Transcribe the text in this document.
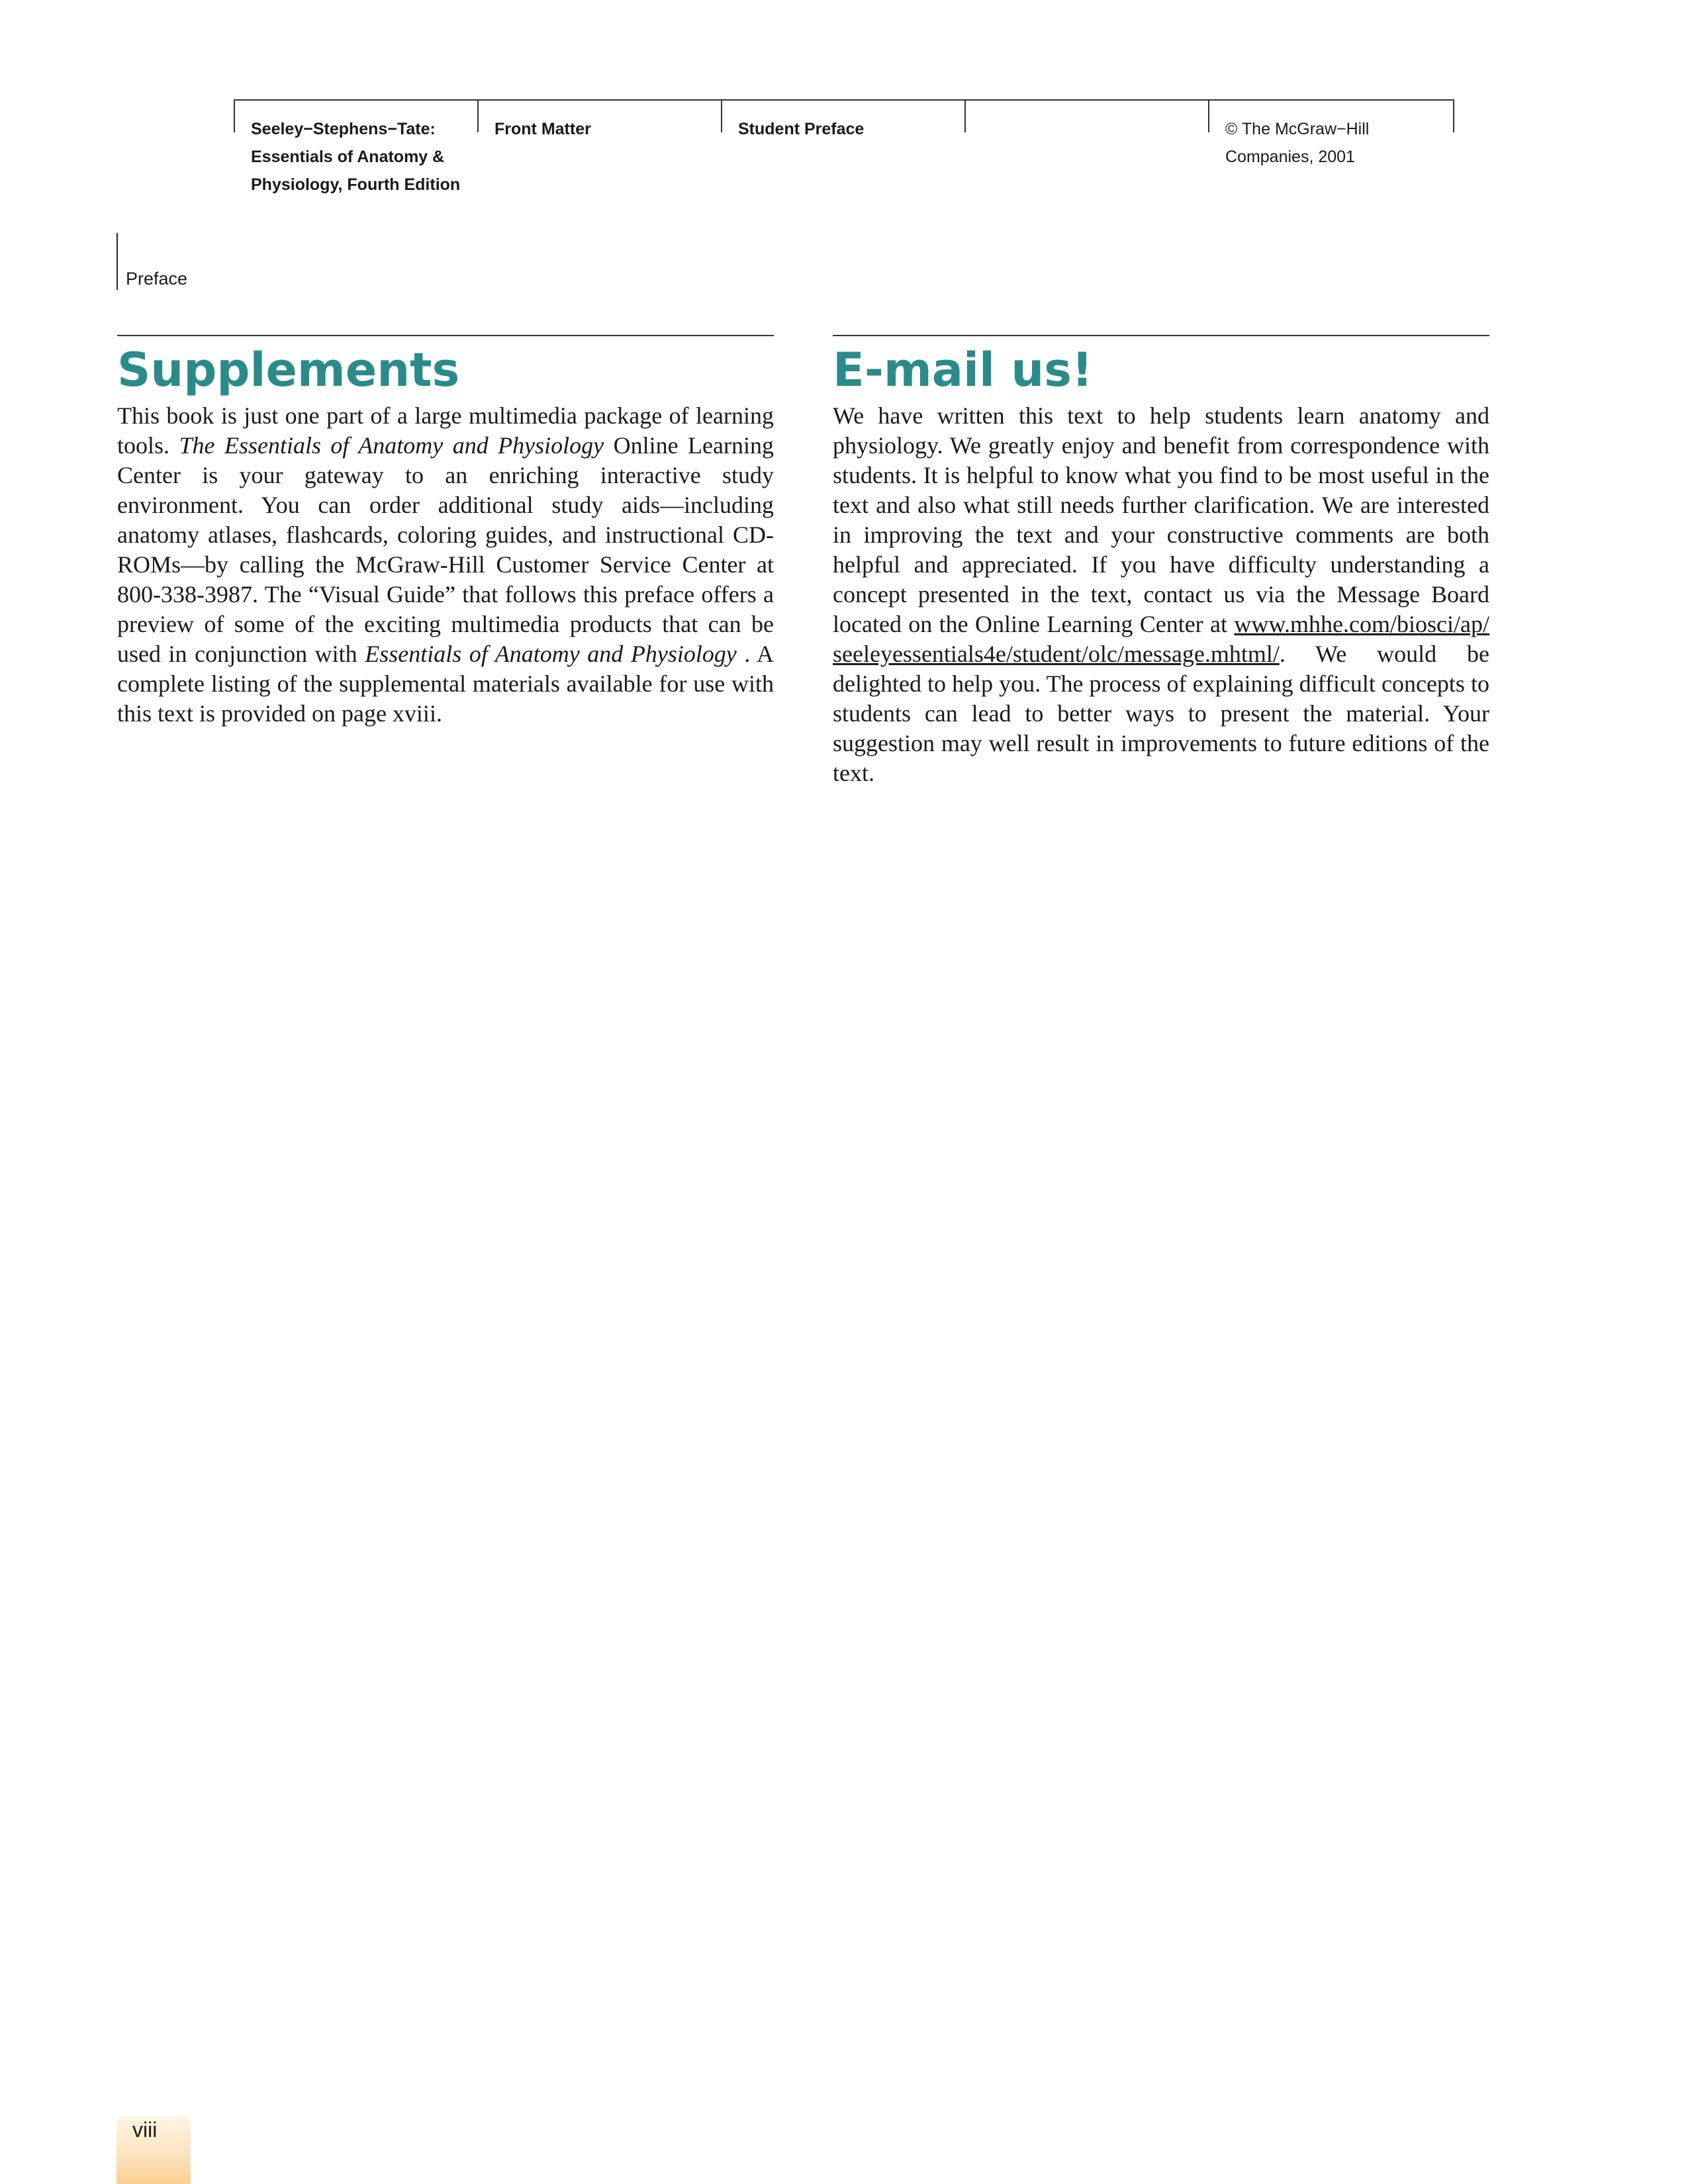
Seeley−Stephens−Tate:
Essentials of Anatomy &
Physiology, Fourth Edition
Front Matter	Student Preface	© The McGraw−Hill
Companies, 2001
Preface
Supplements

This book is just one part of a large multimedia package of learning tools. The Essentials of Anatomy and Physiology Online Learning Center is your gateway to an enriching interactive study environment. You can order additional study aids—including anatomy atlases, flashcards, coloring guides, and instructional CD-ROMs—by calling the McGraw-Hill Customer Service Center at 800-338-3987. The “Visual Guide” that follows this preface offers a preview of some of the exciting multimedia products that can be used in conjunction with Essentials of Anatomy and Physiology . A complete listing of the supplemental materials available for use with this text is provided on page xviii.

E-mail us!

We have written this text to help students learn anatomy and physiology. We greatly enjoy and benefit from correspondence with students. It is helpful to know what you find to be most useful in the text and also what still needs further clarification. We are interested in improving the text and your constructive comments are both helpful and appreciated. If you have difficulty understanding a concept presented in the text, contact us via the Message Board located on the Online Learning Center at www.mhhe.com/biosci/ap/seeleyessentials4e/student/olc/message.mhtml/. We would be delighted to help you. The process of explaining difficult concepts to students can lead to better ways to present the material. Your suggestion may well result in improvements to future editions of the text.

viii
